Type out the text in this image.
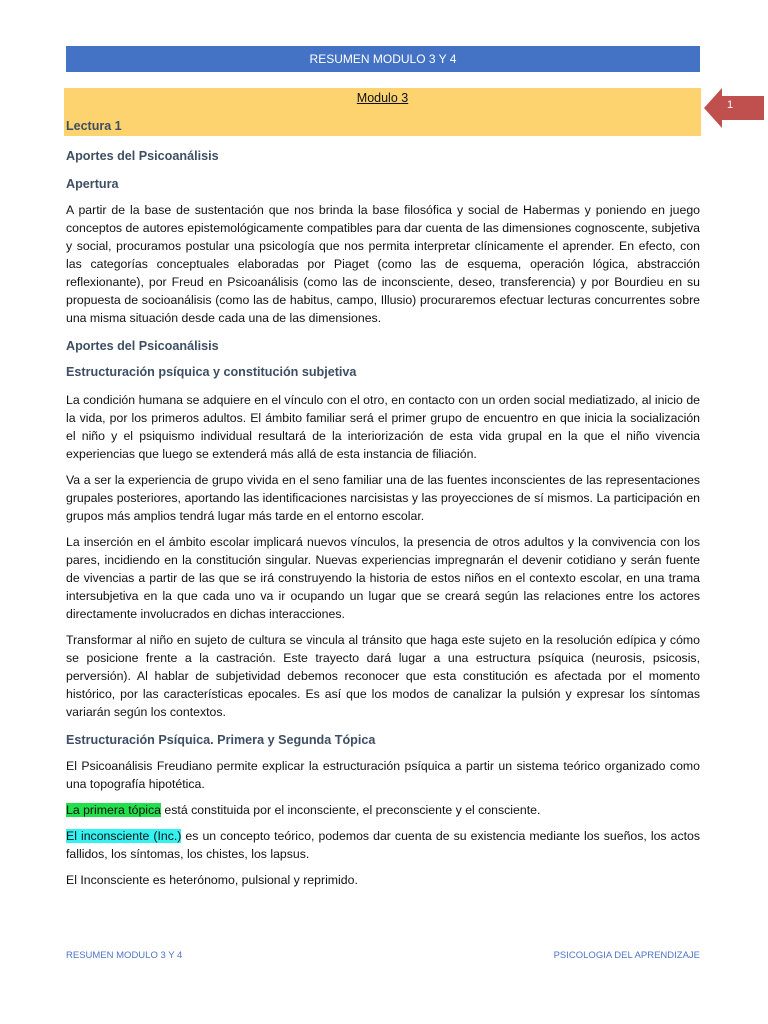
RESUMEN MODULO 3 Y 4
Modulo 3
Lectura 1
1
Aportes del Psicoanálisis
Apertura

A partir de la base de sustentación que nos brinda la base filosófica y social de Habermas y poniendo en juego conceptos de autores epistemológicamente compatibles para dar cuenta de las dimensiones cognoscente, subjetiva y social, procuramos postular una psicología que nos permita interpretar clínicamente el aprender. En efecto, con las categorías conceptuales elaboradas por Piaget (como las de esquema, operación lógica, abstracción reflexionante), por Freud en Psicoanálisis (como las de inconsciente, deseo, transferencia) y por Bourdieu en su propuesta de socioanálisis (como las de habitus, campo, Illusio) procuraremos efectuar lecturas concurrentes sobre una misma situación desde cada una de las dimensiones.

Aportes del Psicoanálisis
Estructuración psíquica y constitución subjetiva

La condición humana se adquiere en el vínculo con el otro, en contacto con un orden social mediatizado, al inicio de la vida, por los primeros adultos. El ámbito familiar será el primer grupo de encuentro en que inicia la socialización el niño y el psiquismo individual resultará de la interiorización de esta vida grupal en la que el niño vivencia experiencias que luego se extenderá más allá de esta instancia de filiación.

Va a ser la experiencia de grupo vivida en el seno familiar una de las fuentes inconscientes de las representaciones grupales posteriores, aportando las identificaciones narcisistas y las proyecciones de sí mismos. La participación en grupos más amplios tendrá lugar más tarde en el entorno escolar.

La inserción en el ámbito escolar implicará nuevos vínculos, la presencia de otros adultos y la convivencia con los pares, incidiendo en la constitución singular. Nuevas experiencias impregnarán el devenir cotidiano y serán fuente de vivencias a partir de las que se irá construyendo la historia de estos niños en el contexto escolar, en una trama intersubjetiva en la que cada uno va ir ocupando un lugar que se creará según las relaciones entre los actores directamente involucrados en dichas interacciones.

Transformar al niño en sujeto de cultura se vincula al tránsito que haga este sujeto en la resolución edípica y cómo se posicione frente a la castración. Este trayecto dará lugar a una estructura psíquica (neurosis, psicosis, perversión). Al hablar de subjetividad debemos reconocer que esta constitución es afectada por el momento histórico, por las características epocales. Es así que los modos de canalizar la pulsión y expresar los síntomas variarán según los contextos.

Estructuración Psíquica. Primera y Segunda Tópica

El Psicoanálisis Freudiano permite explicar la estructuración psíquica a partir un sistema teórico organizado como una topografía hipotética.

La primera tópica está constituida por el inconsciente, el preconsciente y el consciente.

El inconsciente (Inc.) es un concepto teórico, podemos dar cuenta de su existencia mediante los sueños, los actos fallidos, los síntomas, los chistes, los lapsus.

El Inconsciente es heterónomo, pulsional y reprimido.

RESUMEN MODULO 3 Y 4	PSICOLOGIA DEL APRENDIZAJE
